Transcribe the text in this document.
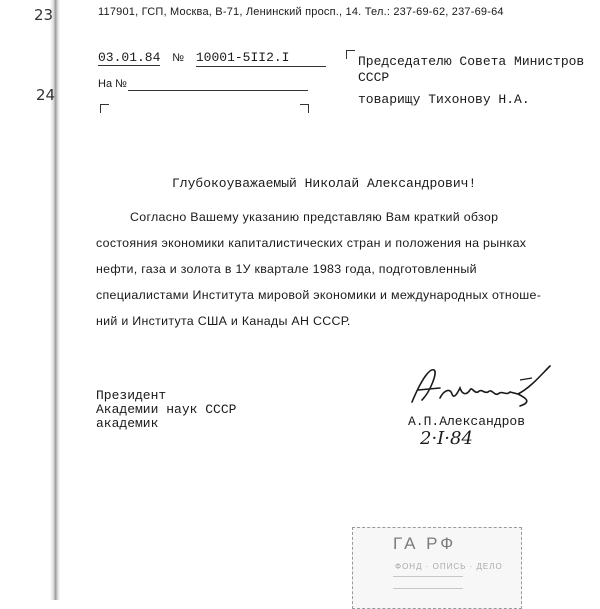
23
24
117901, ГСП, Москва, В-71, Ленинский просп., 14. Тел.: 237-69-62, 237-69-64
03.01.84 № 10001-5II2.I
На №
Председателю Совета Министров
СССР
товарищу Тихонову Н.А.
Глубокоуважаемый Николай Александрович!
Согласно Вашему указанию представляю Вам краткий обзор
состояния экономики капиталистических стран и положения на рынках
нефти, газа и золота в 1У квартале 1983 года, подготовленный
специалистами Института мировой экономики и международных отноше-
ний и Института США и Канады АН СССР.
Президент
Академии наук СССР
академик	А.П.Александров
2·I·84
ГА РФ
ФОНД · ОПИСЬ · ДЕЛО
